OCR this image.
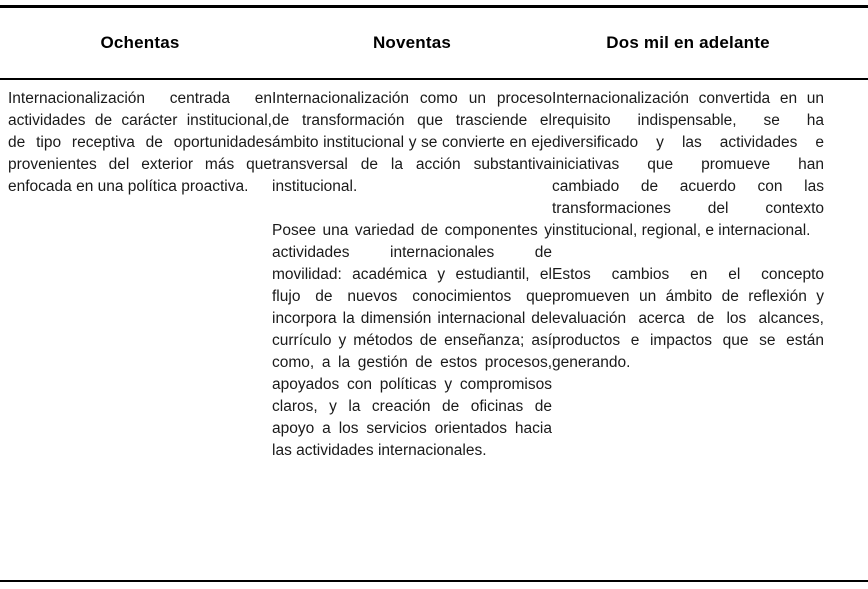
Ochentas	Noventas	Dos mil en adelante

Internacionalización centrada en actividades de carácter institucional, de tipo receptiva de oportunidades provenientes del exterior más que enfocada en una política proactiva.

Internacionalización como un proceso de transformación que trasciende el ámbito institucional y se convierte en eje transversal de la acción substantiva institucional.

Posee una variedad de componentes y actividades internacionales de movilidad: académica y estudiantil, el flujo de nuevos conocimientos que incorpora la dimensión internacional del currículo y métodos de enseñanza; así como, a la gestión de estos procesos, apoyados con políticas y compromisos claros, y la creación de oficinas de apoyo a los servicios orientados hacia las actividades internacionales.

Internacionalización convertida en un requisito indispensable, se ha diversificado y las actividades e iniciativas que promueve han cambiado de acuerdo con las transformaciones del contexto institucional, regional, e internacional.

Estos cambios en el concepto promueven un ámbito de reflexión y evaluación acerca de los alcances, productos e impactos que se están generando.
